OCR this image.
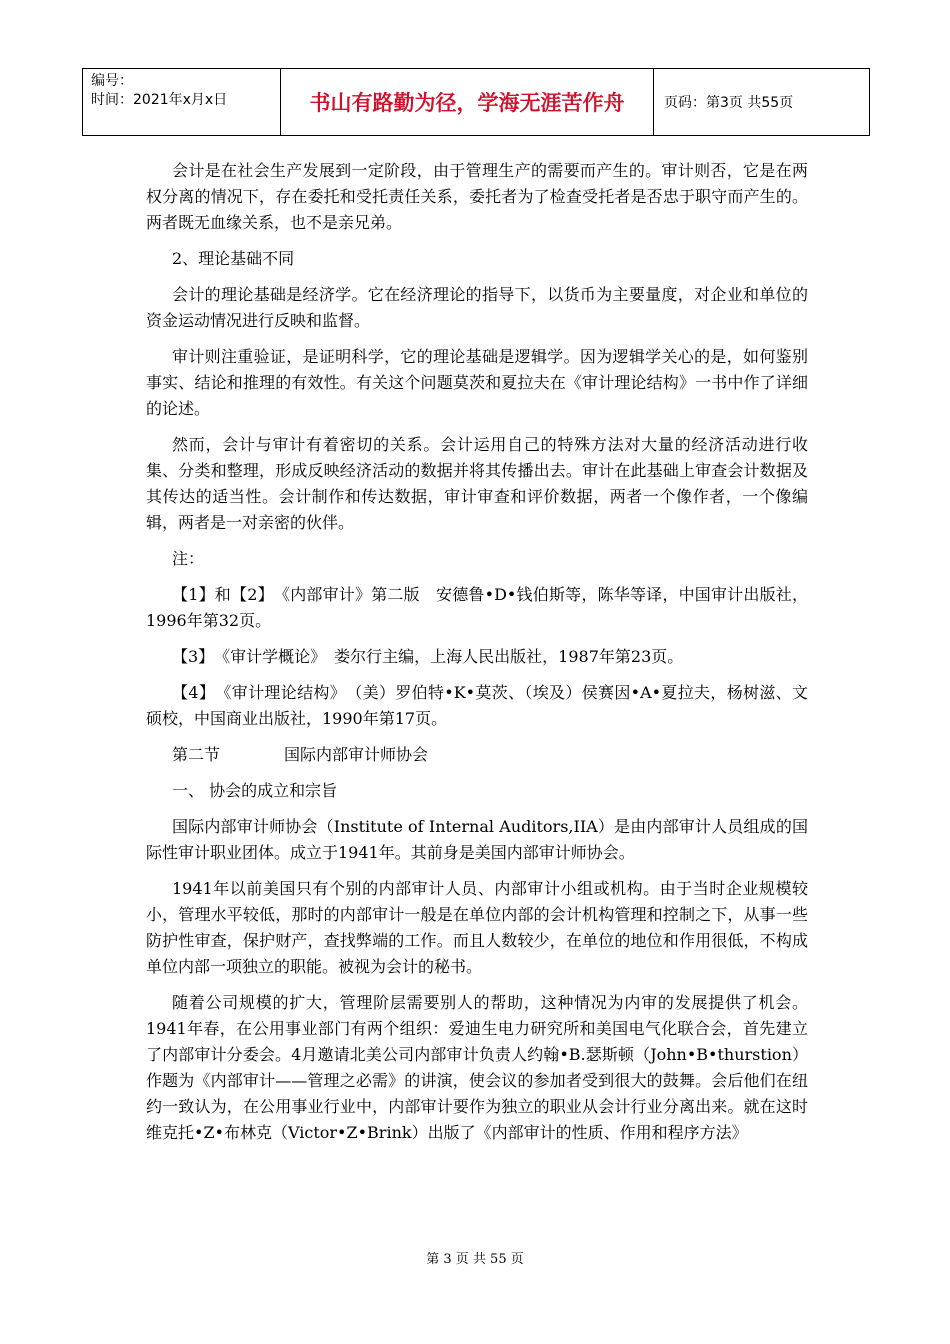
编号：
时间：2021年x月x日	书山有路勤为径，学海无涯苦作舟	页码：第3页 共55页

会计是在社会生产发展到一定阶段，由于管理生产的需要而产生的。审计则否，它是在两权分离的情况下，存在委托和受托责任关系，委托者为了检查受托者是否忠于职守而产生的。两者既无血缘关系，也不是亲兄弟。

2、理论基础不同

会计的理论基础是经济学。它在经济理论的指导下，以货币为主要量度，对企业和单位的资金运动情况进行反映和监督。

审计则注重验证，是证明科学，它的理论基础是逻辑学。因为逻辑学关心的是，如何鉴别事实、结论和推理的有效性。有关这个问题莫茨和夏拉夫在《审计理论结构》一书中作了详细的论述。

然而，会计与审计有着密切的关系。会计运用自己的特殊方法对大量的经济活动进行收集、分类和整理，形成反映经济活动的数据并将其传播出去。审计在此基础上审查会计数据及其传达的适当性。会计制作和传达数据，审计审查和评价数据，两者一个像作者，一个像编辑，两者是一对亲密的伙伴。

注：

【1】和【2】　《内部审计》第二版　安德鲁•D•钱伯斯等，陈华等译，中国审计出版社，1996年第32页。

【3】　《审计学概论》　娄尔行主编，上海人民出版社，1987年第23页。

【4】　《审计理论结构》　（美）罗伯特•K•莫茨、（埃及）侯赛因•A•夏拉夫，杨树滋、文硕校，中国商业出版社，1990年第17页。

第二节　　　　国际内部审计师协会

一、 协会的成立和宗旨

国际内部审计师协会（Institute of Internal Auditors,IIA）是由内部审计人员组成的国际性审计职业团体。成立于1941年。其前身是美国内部审计师协会。

1941年以前美国只有个别的内部审计人员、内部审计小组或机构。由于当时企业规模较小，管理水平较低，那时的内部审计一般是在单位内部的会计机构管理和控制之下，从事一些防护性审查，保护财产，查找弊端的工作。而且人数较少，在单位的地位和作用很低，不构成单位内部一项独立的职能。被视为会计的秘书。

随着公司规模的扩大，管理阶层需要别人的帮助，这种情况为内审的发展提供了机会。1941年春，在公用事业部门有两个组织：爱迪生电力研究所和美国电气化联合会，首先建立了内部审计分委会。4月邀请北美公司内部审计负责人约翰•B.瑟斯顿（John•B•thurstion）作题为《内部审计——管理之必需》的讲演，使会议的参加者受到很大的鼓舞。会后他们在纽约一致认为，在公用事业行业中，内部审计要作为独立的职业从会计行业分离出来。就在这时维克托•Z•布林克（Victor•Z•Brink）出版了《内部审计的性质、作用和程序方法》

第 3 页 共 55 页
